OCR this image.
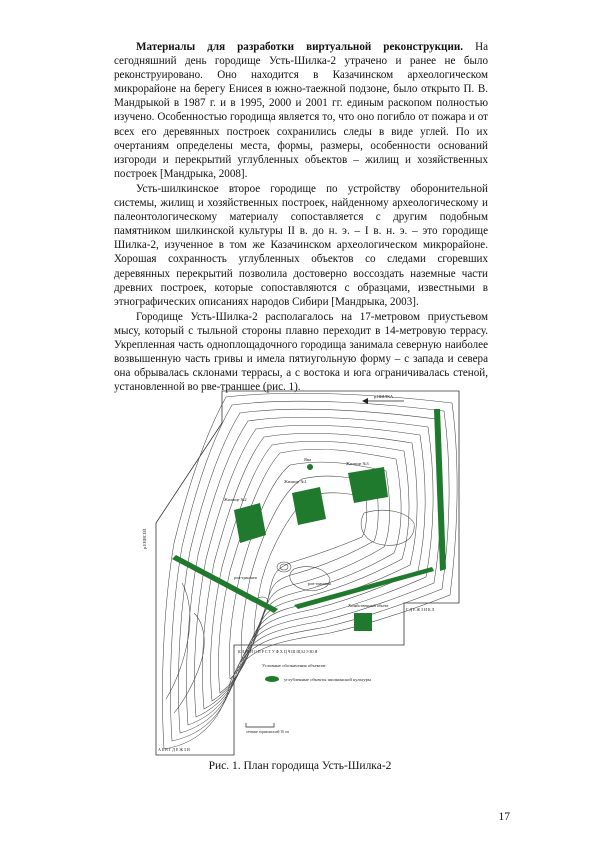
Материалы для разработки виртуальной реконструкции. На сегодняшний день городище Усть-Шилка-2 утрачено и ранее не было реконструировано. Оно находится в Казачинском археологическом микрорайоне на берегу Енисея в южно-таежной подзоне, было открыто П. В. Мандрыкой в 1987 г. и в 1995, 2000 и 2001 гг. единым раскопом полностью изучено. Особенностью городища является то, что оно погибло от пожара и от всех его деревянных построек сохранились следы в виде углей. По их очертаниям определены места, формы, размеры, особенности оснований изгороди и перекрытий углубленных объектов – жилищ и хозяйственных построек [Мандрыка, 2008].

Усть-шилкинское второе городище по устройству оборонительной системы, жилищ и хозяйственных построек, найденному археологическому и палеонтологическому материалу сопоставляется с другим подобным памятником шилкинской культуры II в. до н. э. – I в. н. э. – это городище Шилка-2, изученное в том же Казачинском археологическом микрорайоне. Хорошая сохранность углубленных объектов со следами сгоревших деревянных перекрытий позволила достоверно воссоздать наземные части древних построек, которые сопоставляются с образцами, известными в этнографических описаниях народов Сибири [Мандрыка, 2003].

Городище Усть-Шилка-2 располагалось на 17-метровом приустьевом мысу, который с тыльной стороны плавно переходит в 14-метровую террасу. Укрепленная часть одноплощадочного городища занимала северную наиболее возвышенную часть гривы и имела пятиугольную форму – с запада и севера она обрывалась склонами террасы, а с востока и юга ограничивалась стеной, установленной во рве-траншее (рис. 1).

р.ШИЛКА
Яма
Жилище №1
Жилище №2
Жилище №3
ров-траншея
ров-траншея
Хозяйственный объект
К Л М Н О П Р С Т У Ф Х Ц Ч Ш Щ Ы Э Ю Я
Г Д Е Ж З И К Л
А Б В Г Д Е Ж З И
Условные обозначения объектов:
углубленные объекты шилкинской культуры
сечение горизонталей 10 см
р.ЕНИСЕЙ
Рис. 1. План городища Усть-Шилка-2
17
